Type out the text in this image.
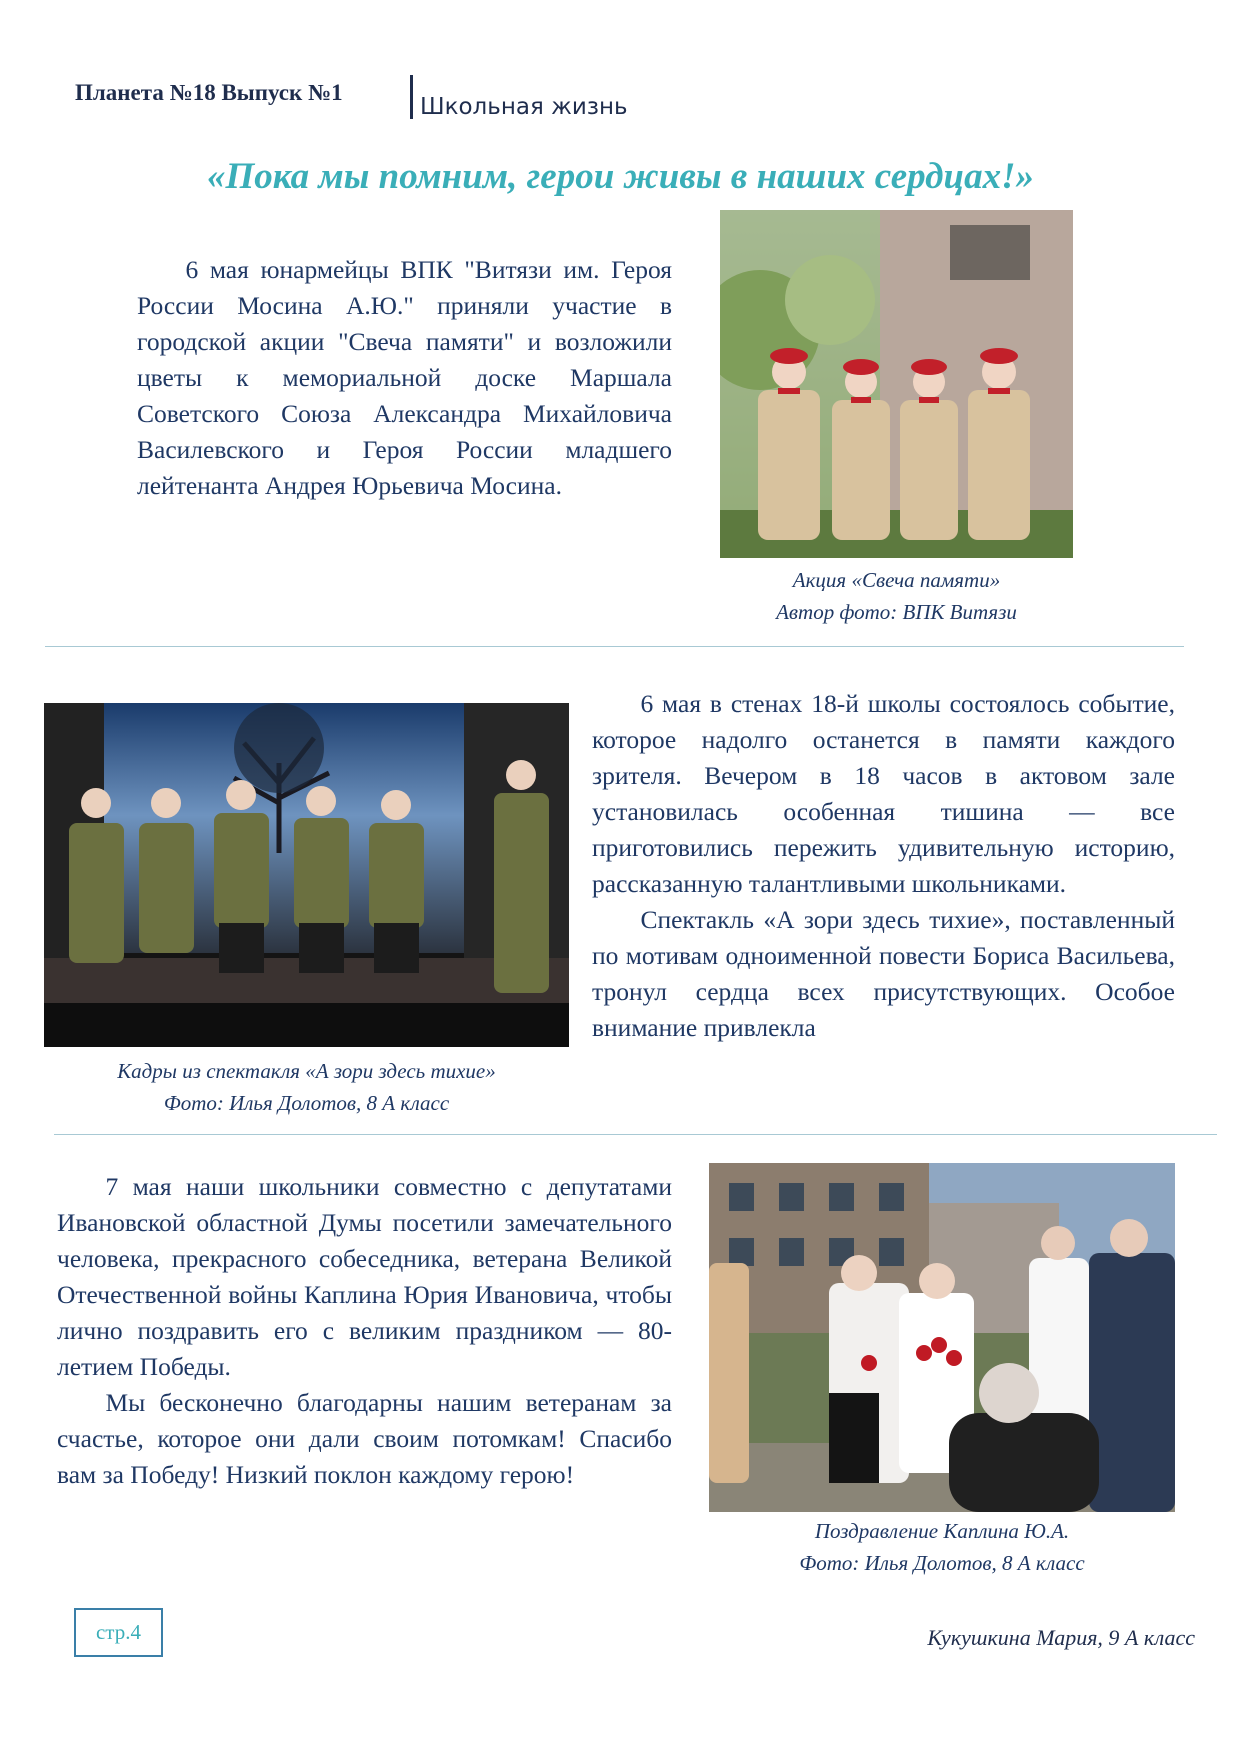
Планета №18 Выпуск №1
Школьная жизнь
«Пока мы помним, герои живы в наших сердцах!»

6 мая юнармейцы ВПК "Витязи им. Героя России Мосина А.Ю." приняли участие в городской акции "Свеча памяти" и возложили цветы к мемориальной доске Маршала Советского Союза Александра Михайловича Василевского и Героя России младшего лейтенанта Андрея Юрьевича Мосина.

Акция «Свеча памяти»
Автор фото: ВПК Витязи
Кадры из спектакля «А зори здесь тихие»
Фото: Илья Долотов, 8 А класс

6 мая в стенах 18-й школы состоялось событие, которое надолго останется в памяти каждого зрителя. Вечером в 18 часов в актовом зале установилась особенная тишина — все приготовились пережить удивительную историю, рассказанную талантливыми школьниками.

Спектакль «А зори здесь тихие», поставленный по мотивам одноименной повести Бориса Васильева, тронул сердца всех присутствующих. Особое внимание привлекла

7 мая наши школьники совместно с депутатами Ивановской областной Думы посетили замечательного человека, прекрасного собеседника, ветерана Великой Отечественной войны Каплина Юрия Ивановича, чтобы лично поздравить его с великим праздником — 80-летием Победы.

Мы бесконечно благодарны нашим ветеранам за счастье, которое они дали своим потомкам! Спасибо вам за Победу! Низкий поклон каждому герою!

Поздравление Каплина Ю.А.
Фото: Илья Долотов, 8 А класс
стр.4	Кукушкина Мария, 9 А класс
